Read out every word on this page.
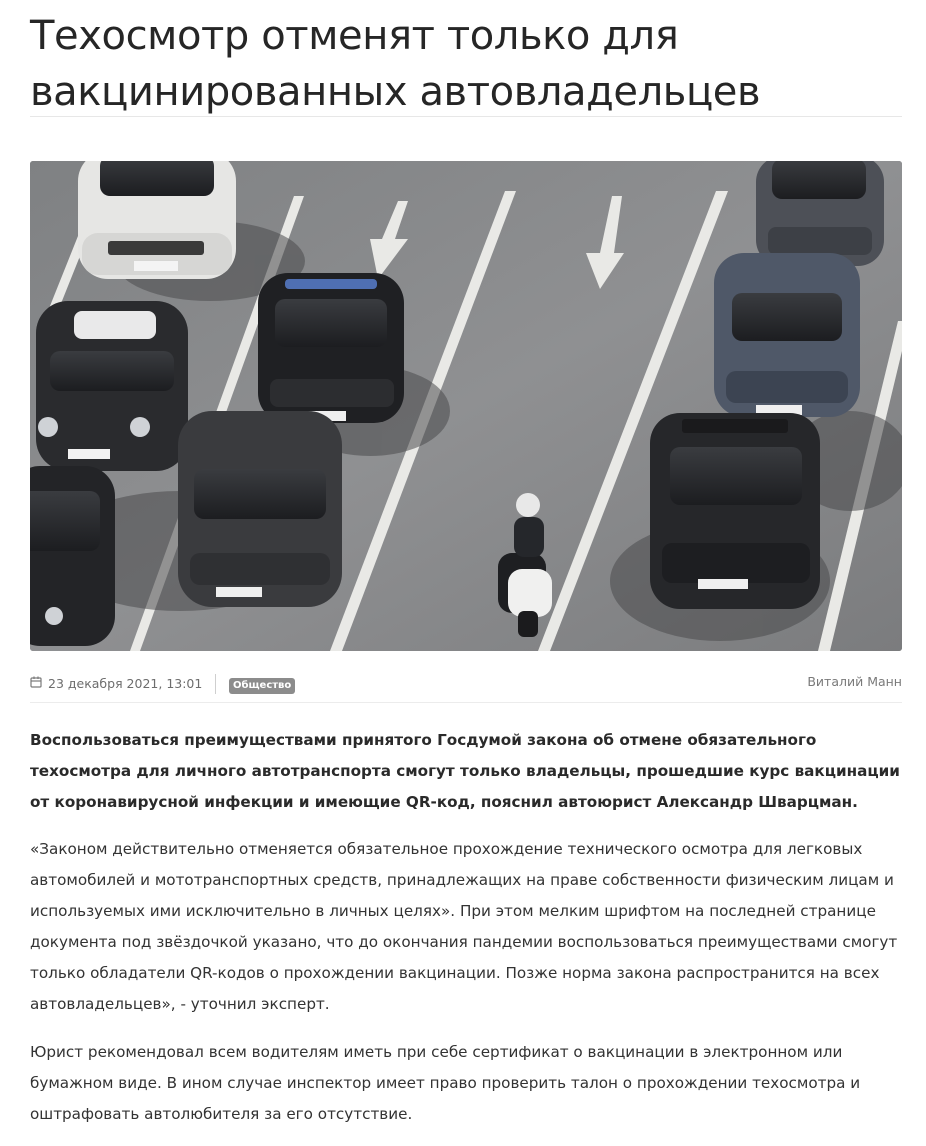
Техосмотр отменят только для вакцинированных автовладельцев
23 декабря 2021, 13:01	Общество	Виталий Манн

Воспользоваться преимуществами принятого Госдумой закона об отмене обязательного техосмотра для личного автотранспорта смогут только владельцы, прошедшие курс вакцинации от коронавирусной инфекции и имеющие QR-код, пояснил автоюрист Александр Шварцман.

«Законом действительно отменяется обязательное прохождение технического осмотра для легковых автомобилей и мототранспортных средств, принадлежащих на праве собственности физическим лицам и используемых ими исключительно в личных целях». При этом мелким шрифтом на последней странице документа под звёздочкой указано, что до окончания пандемии воспользоваться преимуществами смогут только обладатели QR-кодов о прохождении вакцинации. Позже норма закона распространится на всех автовладельцев», - уточнил эксперт.

Юрист рекомендовал всем водителям иметь при себе сертификат о вакцинации в электронном или бумажном виде. В ином случае инспектор имеет право проверить талон о прохождении техосмотра и оштрафовать автолюбителя за его отсутствие.
